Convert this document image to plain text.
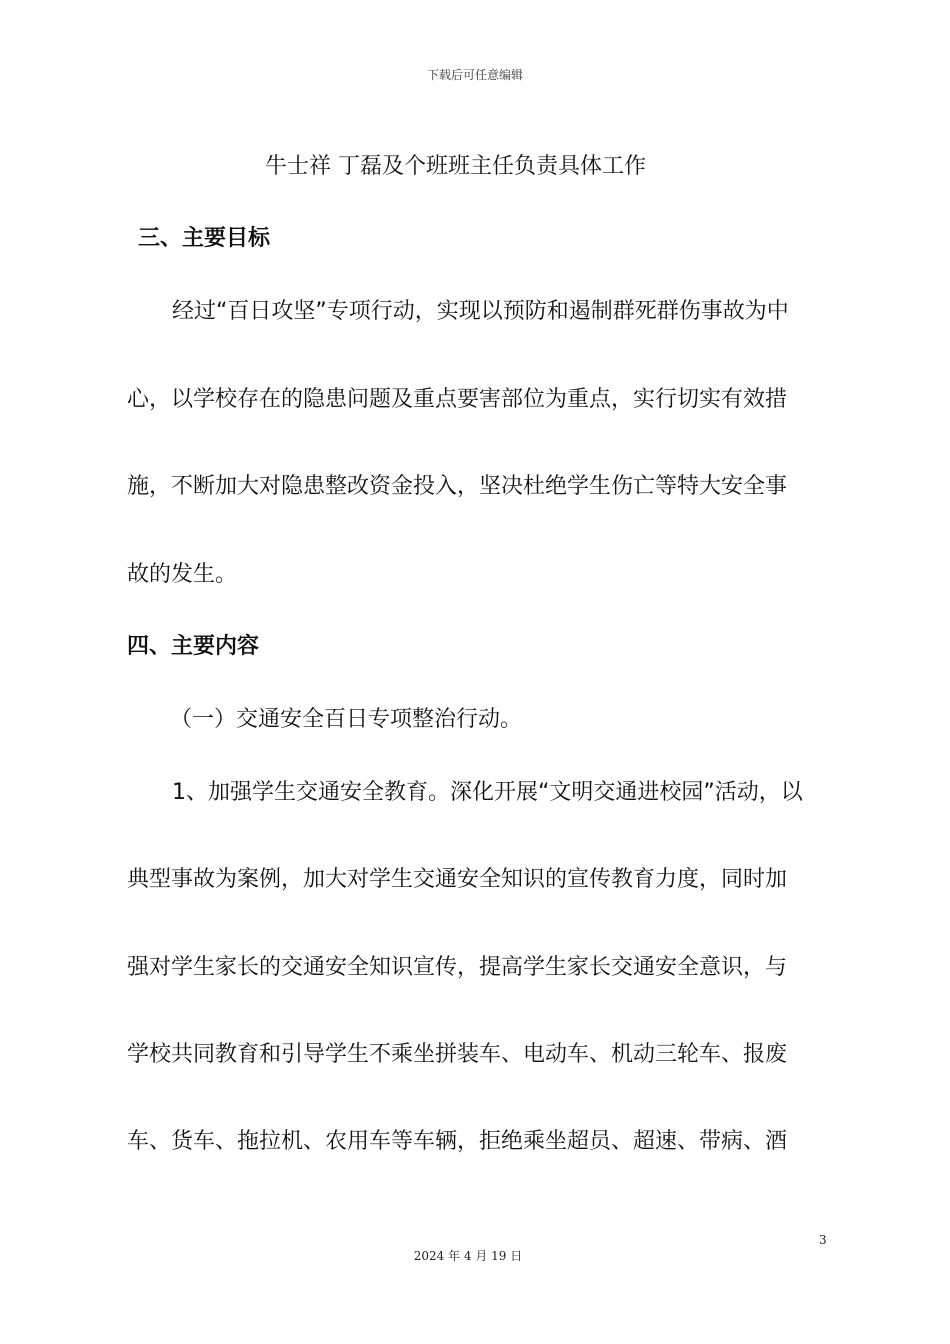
下载后可任意编辑
牛士祥 丁磊及个班班主任负责具体工作
三、主要目标
经过“百日攻坚”专项行动，实现以预防和遏制群死群伤事故为中
心，以学校存在的隐患问题及重点要害部位为重点，实行切实有效措
施，不断加大对隐患整改资金投入，坚决杜绝学生伤亡等特大安全事
故的发生。
四、主要内容
（一）交通安全百日专项整治行动。
1、加强学生交通安全教育。深化开展“文明交通进校园”活动，以
典型事故为案例，加大对学生交通安全知识的宣传教育力度，同时加
强对学生家长的交通安全知识宣传，提高学生家长交通安全意识，与
学校共同教育和引导学生不乘坐拼装车、电动车、机动三轮车、报废
车、货车、拖拉机、农用车等车辆，拒绝乘坐超员、超速、带病、酒
3
2024 年 4 月 19 日
